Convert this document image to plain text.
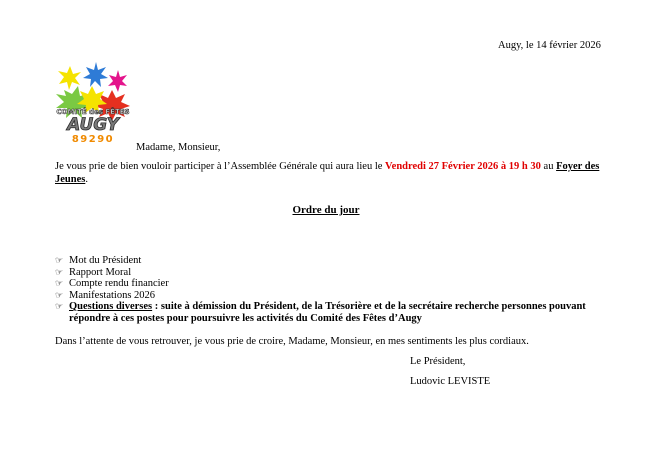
Augy, le 14 février 2026
COMITÉ des FÊTES
AUGY
89290
Madame, Monsieur,
Je vous prie de bien vouloir participer à l’Assemblée Générale qui aura lieu le Vendredi 27 Février 2026 à 19 h 30 au Foyer des Jeunes.
Ordre du jour
☞ Mot du Président
☞ Rapport Moral
☞ Compte rendu financier
☞ Manifestations 2026
☞ Questions diverses : suite à démission du Président, de la Trésorière et de la secrétaire recherche personnes pouvant répondre à ces postes pour poursuivre les activités du Comité des Fêtes d’Augy
Dans l’attente de vous retrouver, je vous prie de croire, Madame, Monsieur, en mes sentiments les plus cordiaux.
Le Président,
Ludovic LEVISTE
